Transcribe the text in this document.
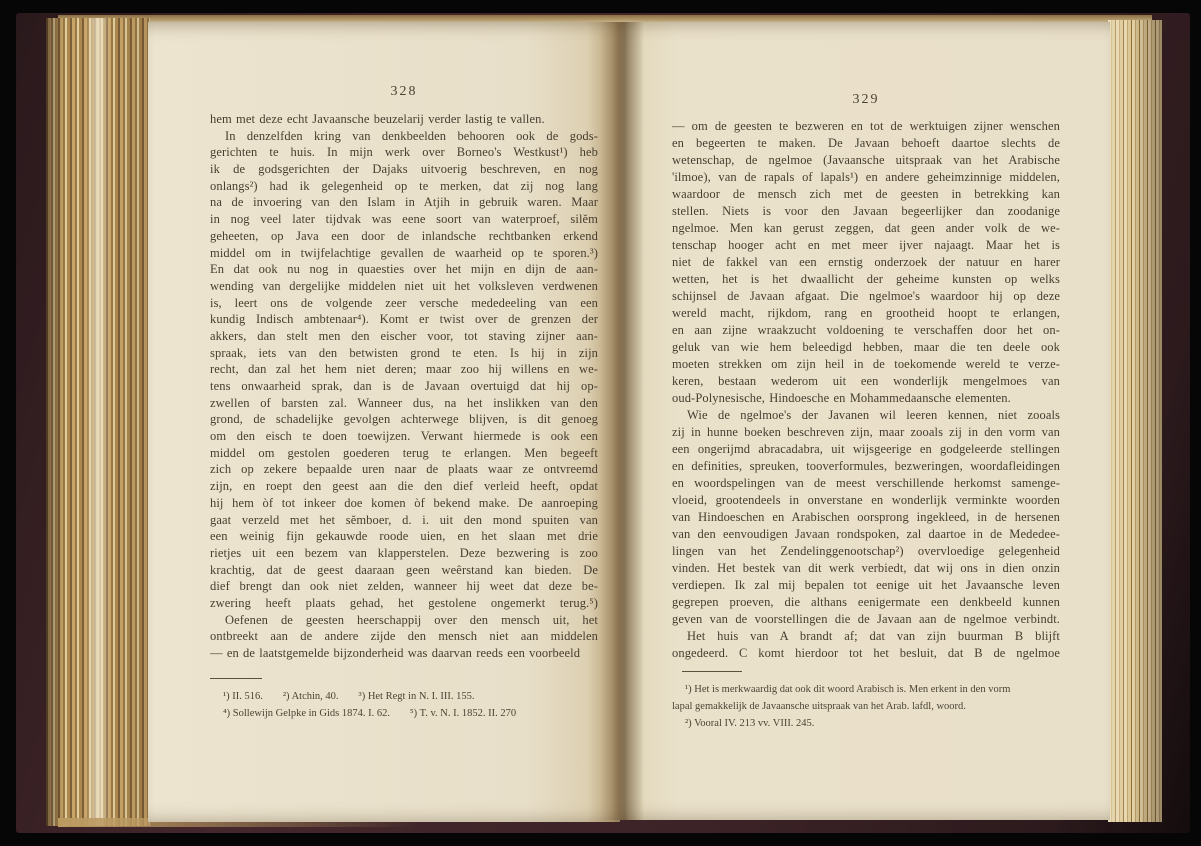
328
hem met deze echt Javaansche beuzelarij verder lastig te vallen.
In denzelfden kring van denkbeelden behooren ook de gods-
gerichten te huis. In mijn werk over Borneo's Westkust¹) heb
ik de godsgerichten der Dajaks uitvoerig beschreven, en nog
onlangs²) had ik gelegenheid op te merken, dat zij nog lang
na de invoering van den Islam in Atjih in gebruik waren. Maar
in nog veel later tijdvak was eene soort van waterproef, silĕm
geheeten, op Java een door de inlandsche rechtbanken erkend
middel om in twijfelachtige gevallen de waarheid op te sporen.³)
En dat ook nu nog in quaesties over het mijn en dijn de aan-
wending van dergelijke middelen niet uit het volksleven verdwenen
is, leert ons de volgende zeer versche mededeeling van een
kundig Indisch ambtenaar⁴). Komt er twist over de grenzen der
akkers, dan stelt men den eischer voor, tot staving zijner aan-
spraak, iets van den betwisten grond te eten. Is hij in zijn
recht, dan zal het hem niet deren; maar zoo hij willens en we-
tens onwaarheid sprak, dan is de Javaan overtuigd dat hij op-
zwellen of barsten zal. Wanneer dus, na het inslikken van den
grond, de schadelijke gevolgen achterwege blijven, is dit genoeg
om den eisch te doen toewijzen. Verwant hiermede is ook een
middel om gestolen goederen terug te erlangen. Men begeeft
zich op zekere bepaalde uren naar de plaats waar ze ontvreemd
zijn, en roept den geest aan die den dief verleid heeft, opdat
hij hem òf tot inkeer doe komen òf bekend make. De aanroeping
gaat verzeld met het sĕmboer, d. i. uit den mond spuiten van
een weinig fijn gekauwde roode uien, en het slaan met drie
rietjes uit een bezem van klapperstelen. Deze bezwering is zoo
krachtig, dat de geest daaraan geen weêrstand kan bieden. De
dief brengt dan ook niet zelden, wanneer hij weet dat deze be-
zwering heeft plaats gehad, het gestolene ongemerkt terug.⁵)
Oefenen de geesten heerschappij over den mensch uit, het
ontbreekt aan de andere zijde den mensch niet aan middelen
— en de laatstgemelde bijzonderheid was daarvan reeds een voorbeeld
¹) II. 516. ²) Atchin, 40. ³) Het Regt in N. I. III. 155.
⁴) Sollewijn Gelpke in Gids 1874. I. 62. ⁵) T. v. N. I. 1852. II. 270
329
— om de geesten te bezweren en tot de werktuigen zijner wenschen
en begeerten te maken. De Javaan behoeft daartoe slechts de
wetenschap, de ngelmoe (Javaansche uitspraak van het Arabische
'ilmoe), van de rapals of lapals¹) en andere geheimzinnige middelen,
waardoor de mensch zich met de geesten in betrekking kan
stellen. Niets is voor den Javaan begeerlijker dan zoodanige
ngelmoe. Men kan gerust zeggen, dat geen ander volk de we-
tenschap hooger acht en met meer ijver najaagt. Maar het is
niet de fakkel van een ernstig onderzoek der natuur en harer
wetten, het is het dwaallicht der geheime kunsten op welks
schijnsel de Javaan afgaat. Die ngelmoe's waardoor hij op deze
wereld macht, rijkdom, rang en grootheid hoopt te erlangen,
en aan zijne wraakzucht voldoening te verschaffen door het on-
geluk van wie hem beleedigd hebben, maar die ten deele ook
moeten strekken om zijn heil in de toekomende wereld te verze-
keren, bestaan wederom uit een wonderlijk mengelmoes van
oud-Polynesische, Hindoesche en Mohammedaansche elementen.
Wie de ngelmoe's der Javanen wil leeren kennen, niet zooals
zij in hunne boeken beschreven zijn, maar zooals zij in den vorm van
een ongerijmd abracadabra, uit wijsgeerige en godgeleerde stellingen
en definities, spreuken, tooverformules, bezweringen, woordafleidingen
en woordspelingen van de meest verschillende herkomst samenge-
vloeid, grootendeels in onverstane en wonderlijk verminkte woorden
van Hindoeschen en Arabischen oorsprong ingekleed, in de hersenen
van den eenvoudigen Javaan rondspoken, zal daartoe in de Mededee-
lingen van het Zendelinggenootschap²) overvloedige gelegenheid
vinden. Het bestek van dit werk verbiedt, dat wij ons in dien onzin
verdiepen. Ik zal mij bepalen tot eenige uit het Javaansche leven
gegrepen proeven, die althans eenigermate een denkbeeld kunnen
geven van de voorstellingen die de Javaan aan de ngelmoe verbindt.
Het huis van A brandt af; dat van zijn buurman B blijft
ongedeerd. C komt hierdoor tot het besluit, dat B de ngelmoe
¹) Het is merkwaardig dat ook dit woord Arabisch is. Men erkent in den vorm
lapal gemakkelijk de Javaansche uitspraak van het Arab. lafdl, woord.
²) Vooral IV. 213 vv. VIII. 245.
